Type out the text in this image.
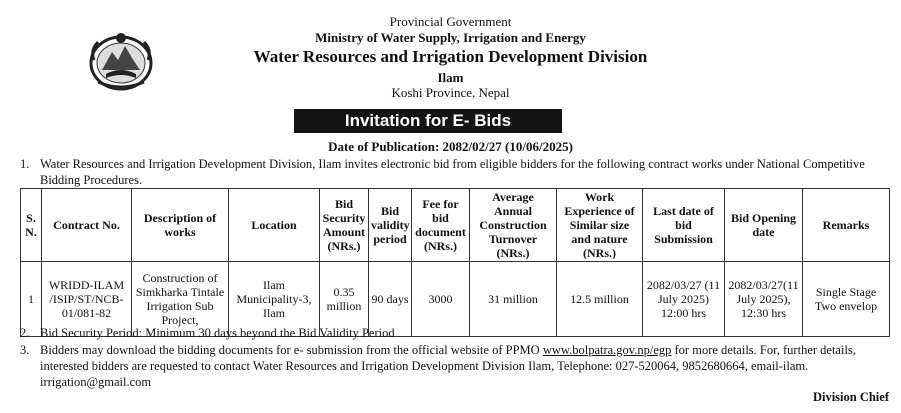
Provincial Government
Ministry of Water Supply, Irrigation and Energy
Water Resources and Irrigation Development Division
Ilam
Koshi Province, Nepal
Invitation for E- Bids
Date of Publication: 2082/02/27 (10/06/2025)
1. Water Resources and Irrigation Development Division, Ilam invites electronic bid from eligible bidders for the following contract works under National Competitive Bidding Procedures.
S. N.	Contract No.	Description of works	Location	Bid Security Amount (NRs.)	Bid validity period	Fee for bid document (NRs.)	Average Annual Construction Turnover (NRs.)	Work Experience of Similar size and nature (NRs.)	Last date of bid Submission	Bid Opening date	Remarks
1	WRIDD-ILAM /ISIP/ST/NCB-01/081-82	Construction of Simkharka Tintale Irrigation Sub Project,	Ilam Municipality-3, Ilam	0.35 million	90 days	3000	31 million	12.5 million	2082/03/27 (11 July 2025) 12:00 hrs	2082/03/27(11 July 2025), 12:30 hrs	Single Stage Two envelop
2. Bid Security Period: Minimum 30 days beyond the Bid Validity Period
3. Bidders may download the bidding documents for e- submission from the official website of PPMO www.bolpatra.gov.np/egp for more details. For, further details, interested bidders are requested to contact Water Resources and Irrigation Development Division Ilam, Telephone: 027-520064, 9852680664, email-ilam. irrigation@gmail.com
Division Chief
